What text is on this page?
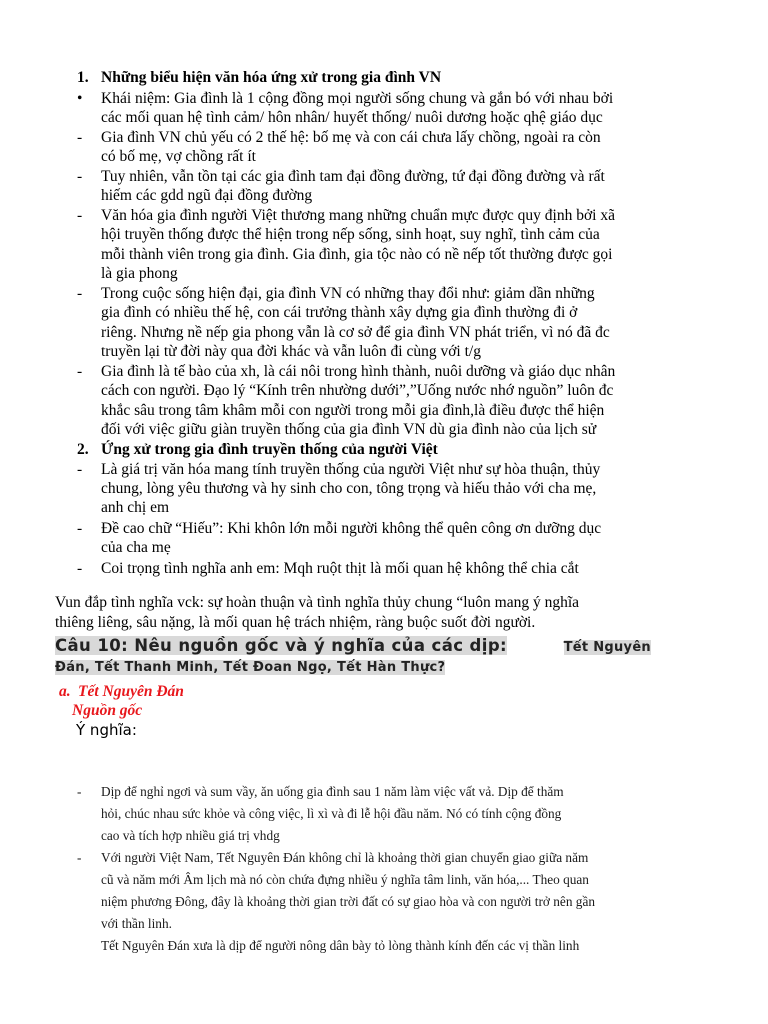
1. Những biểu hiện văn hóa ứng xử trong gia đình VN
• Khái niệm: Gia đình là 1 cộng đồng mọi người sống chung và gắn bó với nhau bởi
các mối quan hệ tình cảm/ hôn nhân/ huyết thống/ nuôi dương hoặc qhệ giáo dục
- Gia đình VN chủ yếu có 2 thế hệ: bố mẹ và con cái chưa lấy chồng, ngoài ra còn
có bố mẹ, vợ chồng rất ít
- Tuy nhiên, vẫn tồn tại các gia đình tam đại đồng đường, tứ đại đồng đường và rất
hiếm các gdd ngũ đại đồng đường
- Văn hóa gia đình người Việt thương mang những chuẩn mực được quy định bởi xã
hội truyền thống được thể hiện trong nếp sống, sinh hoạt, suy nghĩ, tình cảm của
mỗi thành viên trong gia đình. Gia đình, gia tộc nào có nề nếp tốt thường được gọi
là gia phong
- Trong cuộc sống hiện đại, gia đình VN có những thay đổi như: giảm dần những
gia đình có nhiều thế hệ, con cái trưởng thành xây dựng gia đình thường đi ở
riêng. Nhưng nề nếp gia phong vẫn là cơ sở để gia đình VN phát triển, vì nó đã đc
truyền lại từ đời này qua đời khác và vẫn luôn đi cùng với t/g
- Gia đình là tế bào của xh, là cái nôi trong hình thành, nuôi dưỡng và giáo dục nhân
cách con người. Đạo lý “Kính trên nhường dưới”,”Uống nước nhớ nguồn” luôn đc
khắc sâu trong tâm khâm mỗi con người trong mỗi gia đình,là điều được thể hiện
đối với việc giữu giàn truyền thống của gia đình VN dù gia đình nào của lịch sử
2. Ứng xử trong gia đình truyền thống của người Việt
- Là giá trị văn hóa mang tính truyền thống của người Việt như sự hòa thuận, thủy
chung, lòng yêu thương và hy sinh cho con, tông trọng và hiếu thảo với cha mẹ,
anh chị em
- Đề cao chữ “Hiếu”: Khi khôn lớn mỗi người không thể quên công ơn dưỡng dục
của cha mẹ
- Coi trọng tình nghĩa anh em: Mqh ruột thịt là mối quan hệ không thể chia cắt
Vun đắp tình nghĩa vck: sự hoàn thuận và tình nghĩa thủy chung “luôn mang ý nghĩa
thiêng liêng, sâu nặng, là mối quan hệ trách nhiệm, ràng buộc suốt đời người.
Câu 10: Nêu nguồn gốc và ý nghĩa của các dịp:	Tết Nguyên
Đán, Tết Thanh Minh, Tết Đoan Ngọ, Tết Hàn Thực?
a. Tết Nguyên Đán
Nguồn gốc
Ý nghĩa:
- Dịp để nghỉ ngơi và sum vầy, ăn uống gia đình sau 1 năm làm việc vất vả. Dịp để thăm
hỏi, chúc nhau sức khỏe và công việc, lì xì và đi lễ hội đầu năm. Nó có tính cộng đồng
cao và tích hợp nhiều giá trị vhdg
- Với người Việt Nam, Tết Nguyên Đán không chỉ là khoảng thời gian chuyển giao giữa năm
cũ và năm mới Âm lịch mà nó còn chứa đựng nhiều ý nghĩa tâm linh, văn hóa,... Theo quan
niệm phương Đông, đây là khoảng thời gian trời đất có sự giao hòa và con người trở nên gần
với thần linh.
Tết Nguyên Đán xưa là dịp để người nông dân bày tỏ lòng thành kính đến các vị thần linh
